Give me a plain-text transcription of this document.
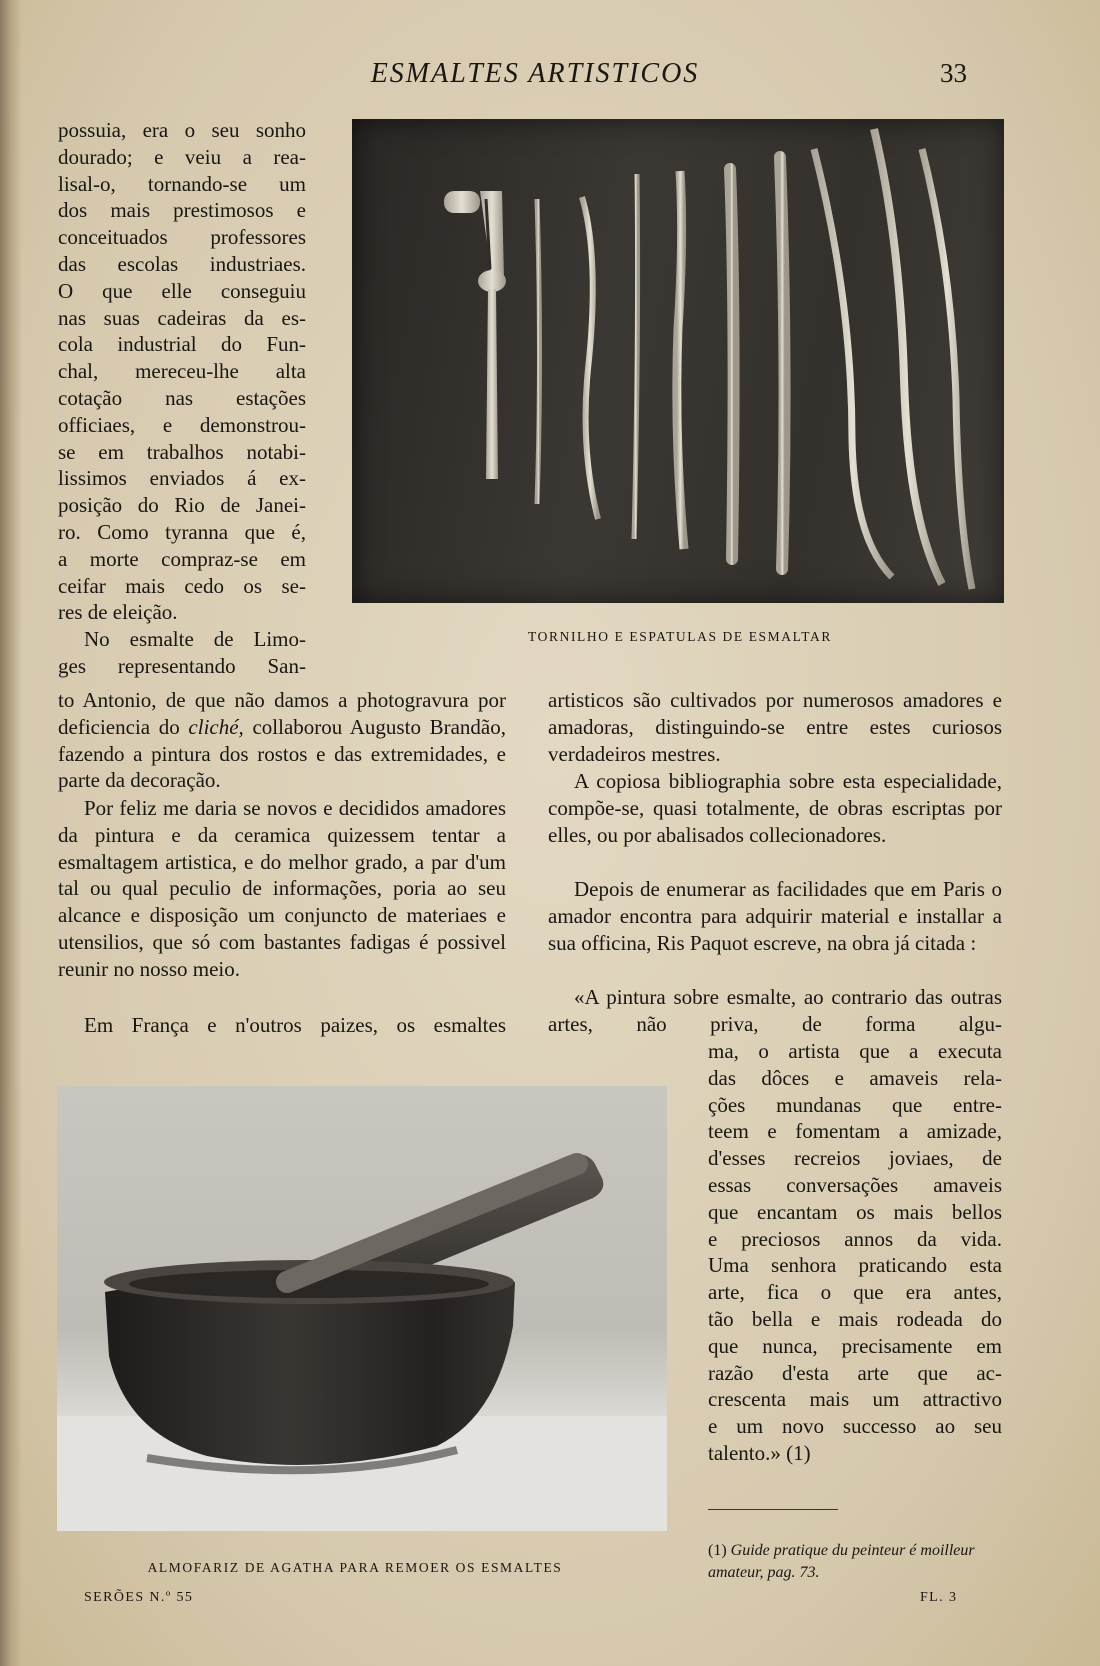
ESMALTES ARTISTICOS	33
possuia, era o seu sonho
dourado; e veiu a rea-
lisal-o, tornando-se um
dos mais prestimosos e
conceituados professores
das escolas industriaes.
O que elle conseguiu
nas suas cadeiras da es-
cola industrial do Fun-
chal, mereceu-lhe alta
cotação nas estações
officiaes, e demonstrou-
se em trabalhos notabi-
lissimos enviados á ex-
posição do Rio de Janei-
ro. Como tyranna que é,
a morte compraz-se em
ceifar mais cedo os se-
res de eleição.
No esmalte de Limo-
ges representando San-
TORNILHO E ESPATULAS DE ESMALTAR

to Antonio, de que não damos a photogravura por deficiencia do cliché, collaborou Augusto Brandão, fazendo a pintura dos rostos e das extremidades, e parte da decoração.

Por feliz me daria se novos e decididos amadores da pintura e da ceramica quizessem tentar a esmaltagem artistica, e do melhor grado, a par d'um tal ou qual peculio de informações, poria ao seu alcance e disposição um conjuncto de materiaes e utensilios, que só com bastantes fadigas é possivel reunir no nosso meio.

Em França e n'outros paizes, os esmaltes

artisticos são cultivados por numerosos amadores e amadoras, distinguindo-se entre estes curiosos verdadeiros mestres.

A copiosa bibliographia sobre esta especialidade, compõe-se, quasi totalmente, de obras escriptas por elles, ou por abalisados collecionadores.

Depois de enumerar as facilidades que em Paris o amador encontra para adquirir material e installar a sua officina, Ris Paquot escreve, na obra já citada :

«A pintura sobre esmalte, ao contrario das outras artes, não priva, de forma algu-

ma, o artista que a executa
das dôces e amaveis rela-
ções mundanas que entre-
teem e fomentam a amizade,
d'esses recreios joviaes, de
essas conversações amaveis
que encantam os mais bellos
e preciosos annos da vida.
Uma senhora praticando esta
arte, fica o que era antes,
tão bella e mais rodeada do
que nunca, precisamente em
razão d'esta arte que ac-
crescenta mais um attractivo
e um novo successo ao seu
talento.» (1)
ALMOFARIZ DE AGATHA PARA REMOER OS ESMALTES
(1) Guide pratique du peinteur é moilleur amateur, pag. 73.
SERÕES N.º 55	FL. 3
